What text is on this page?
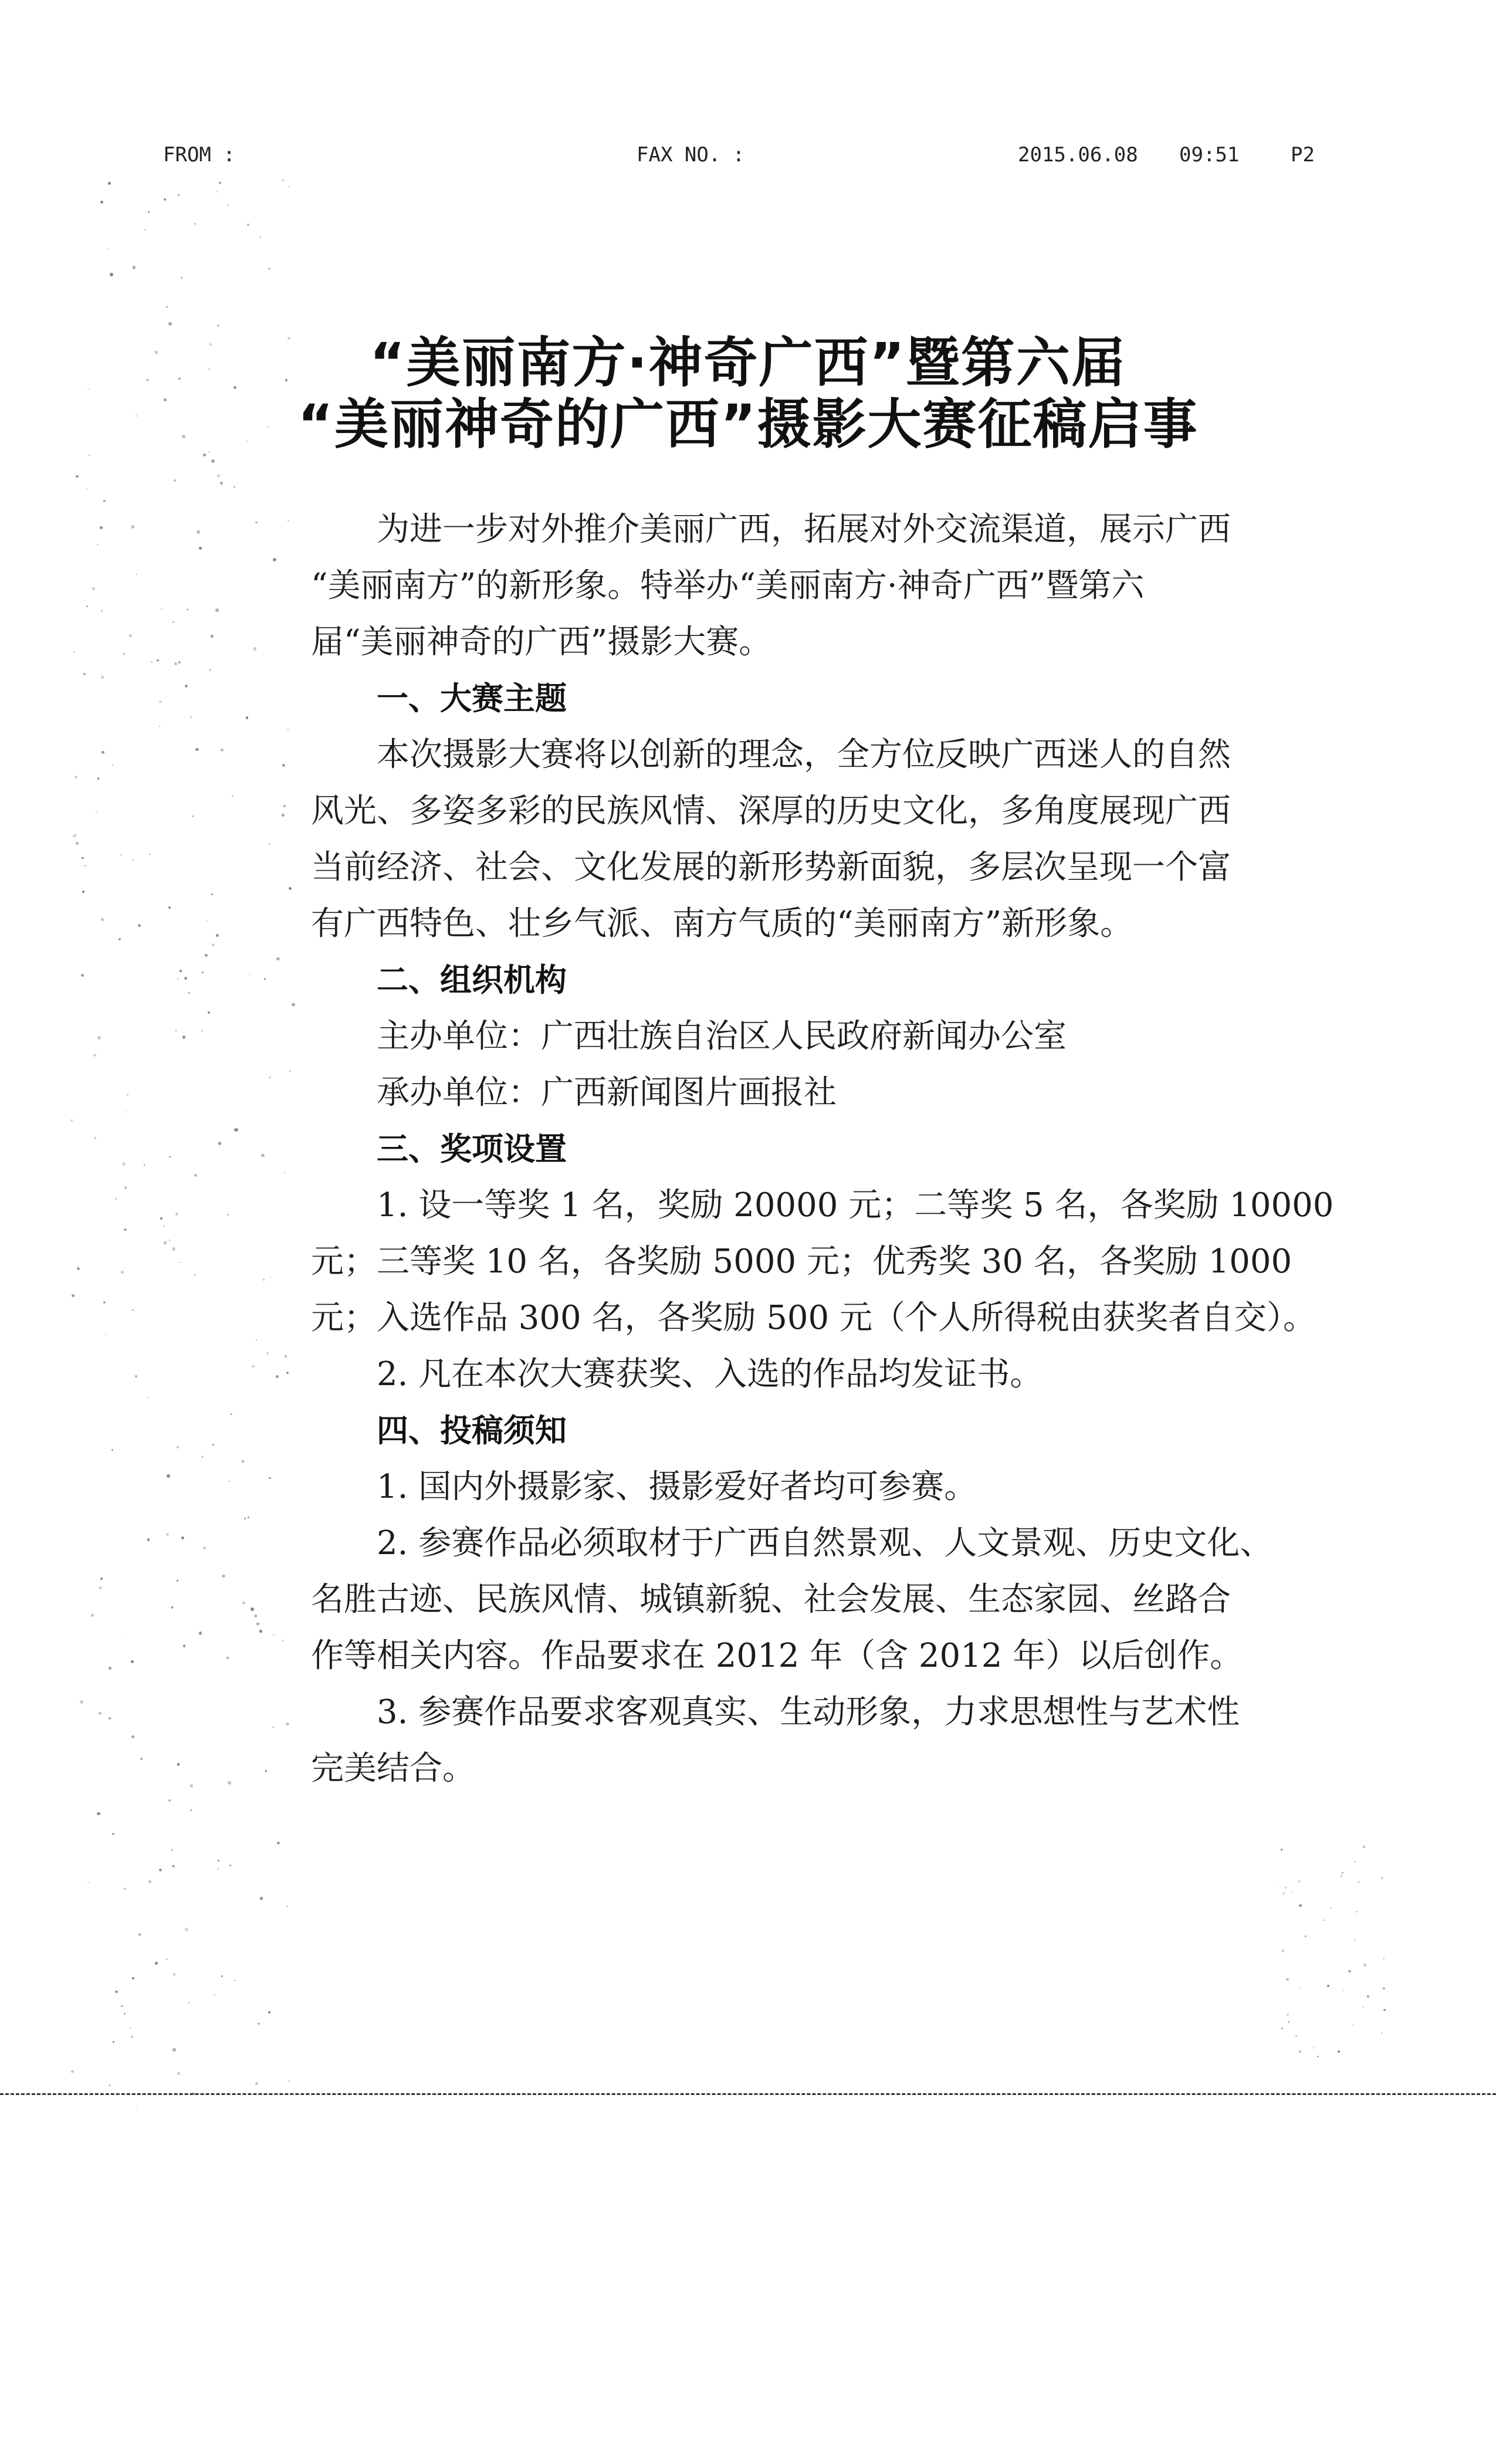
FROM :	FAX NO. :	2015.06.08 09:51	P2
“美丽南方·神奇广西”暨第六届
“美丽神奇的广西”摄影大赛征稿启事
为进一步对外推介美丽广西，拓展对外交流渠道，展示广西
“美丽南方”的新形象。特举办“美丽南方·神奇广西”暨第六
届“美丽神奇的广西”摄影大赛。
一、大赛主题
本次摄影大赛将以创新的理念，全方位反映广西迷人的自然
风光、多姿多彩的民族风情、深厚的历史文化，多角度展现广西
当前经济、社会、文化发展的新形势新面貌，多层次呈现一个富
有广西特色、壮乡气派、南方气质的“美丽南方”新形象。
二、组织机构
主办单位：广西壮族自治区人民政府新闻办公室
承办单位：广西新闻图片画报社
三、奖项设置
1. 设一等奖 1 名，奖励 20000 元；二等奖 5 名，各奖励 10000
元；三等奖 10 名，各奖励 5000 元；优秀奖 30 名，各奖励 1000
元；入选作品 300 名，各奖励 500 元（个人所得税由获奖者自交）。
2. 凡在本次大赛获奖、入选的作品均发证书。
四、投稿须知
1. 国内外摄影家、摄影爱好者均可参赛。
2. 参赛作品必须取材于广西自然景观、人文景观、历史文化、
名胜古迹、民族风情、城镇新貌、社会发展、生态家园、丝路合
作等相关内容。作品要求在 2012 年（含 2012 年）以后创作。
3. 参赛作品要求客观真实、生动形象，力求思想性与艺术性
完美结合。
